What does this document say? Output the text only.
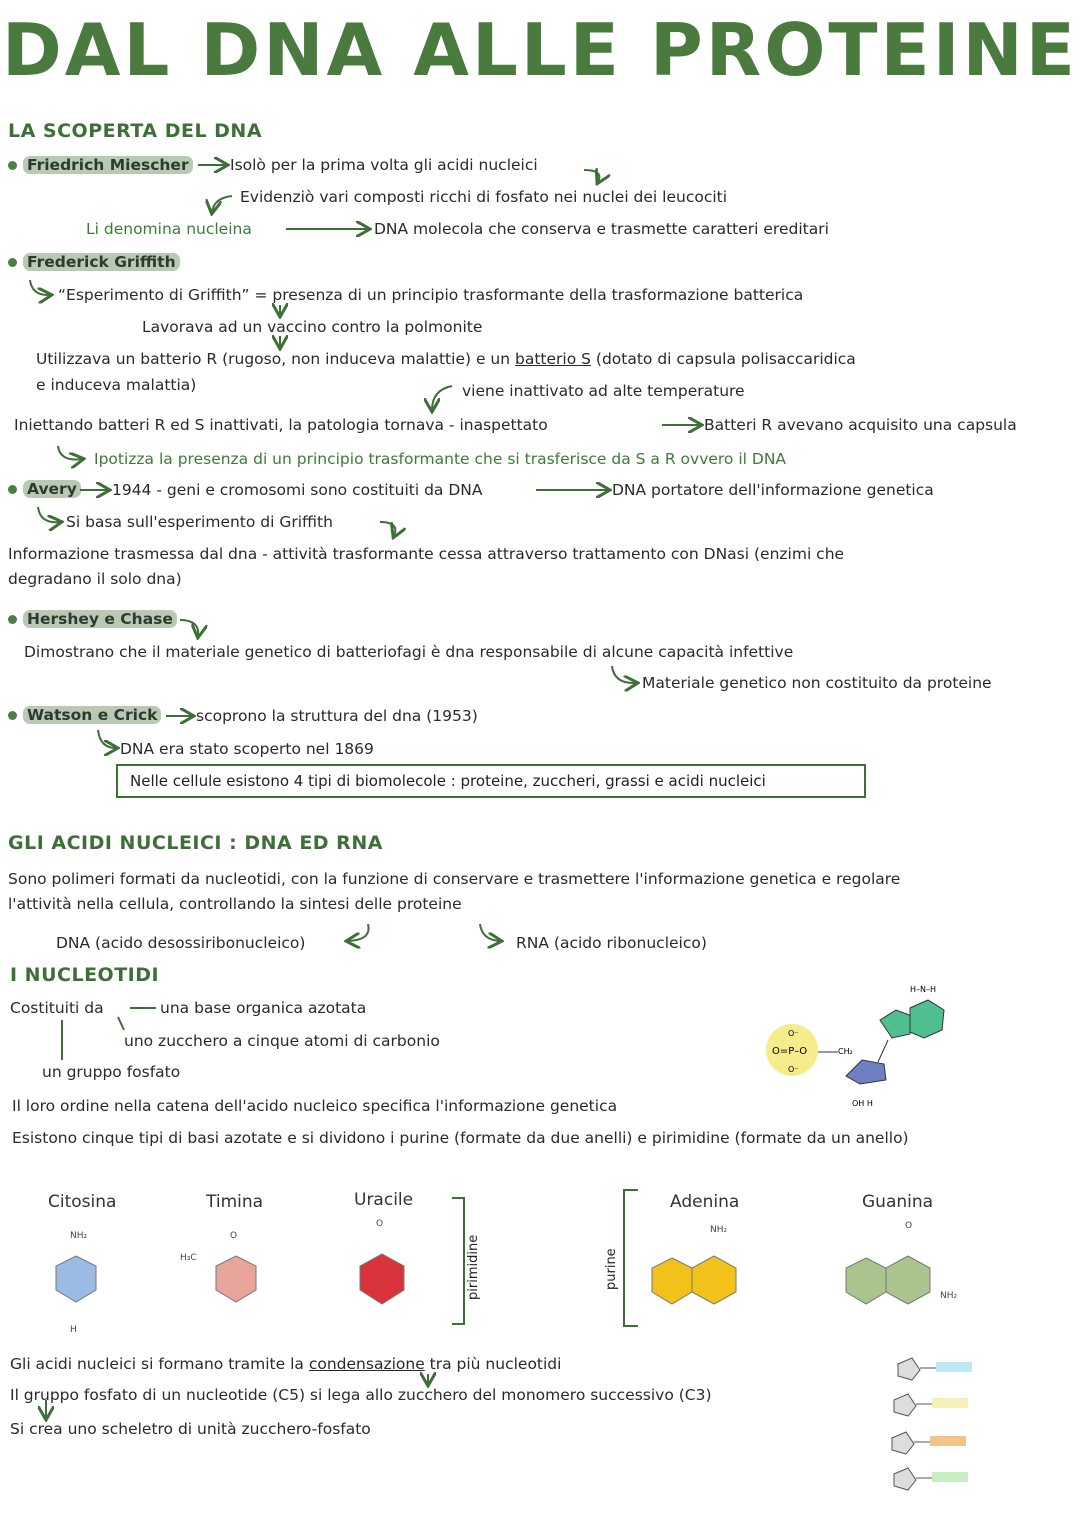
DAL DNA ALLE PROTEINE
LA SCOPERTA DEL DNA
Friedrich Miescher	Isolò per la prima volta gli acidi nucleici
Evidenziò vari composti ricchi di fosfato nei nuclei dei leucociti
Li denomina nucleina	DNA molecola che conserva e trasmette caratteri ereditari
Frederick Griffith
“Esperimento di Griffith” = presenza di un principio trasformante della trasformazione batterica
Lavorava ad un vaccino contro la polmonite
Utilizzava un batterio R (rugoso, non induceva malattie) e un batterio S (dotato di capsula polisaccaridica
e induceva malattia)	viene inattivato ad alte temperature
Iniettando batteri R ed S inattivati, la patologia tornava - inaspettato	Batteri R avevano acquisito una capsula
Ipotizza la presenza di un principio trasformante che si trasferisce da S a R ovvero il DNA
Avery 1944 - geni e cromosomi sono costituiti da DNA	DNA portatore dell'informazione genetica
Si basa sull'esperimento di Griffith
Informazione trasmessa dal dna - attività trasformante cessa attraverso trattamento con DNasi (enzimi che
degradano il solo dna)
Hershey e Chase
Dimostrano che il materiale genetico di batteriofagi è dna responsabile di alcune capacità infettive
Materiale genetico non costituito da proteine
Watson e Crick scoprono la struttura del dna (1953)
DNA era stato scoperto nel 1869
Nelle cellule esistono 4 tipi di biomolecole : proteine, zuccheri, grassi e acidi nucleici
GLI ACIDI NUCLEICI : DNA ED RNA
Sono polimeri formati da nucleotidi, con la funzione di conservare e trasmettere l'informazione genetica e regolare
l'attività nella cellula, controllando la sintesi delle proteine
DNA (acido desossiribonucleico)	RNA (acido ribonucleico)
I NUCLEOTIDI
Costituiti da	una base organica azotata
uno zucchero a cinque atomi di carbonio
un gruppo fosfato
Il loro ordine nella catena dell'acido nucleico specifica l'informazione genetica
Esistono cinque tipi di basi azotate e si dividono i purine (formate da due anelli) e pirimidine (formate da un anello)
Citosina	Timina	Uracile	Adenina	Guanina
pirimidine	purine
Gli acidi nucleici si formano tramite la condensazione tra più nucleotidi
Il gruppo fosfato di un nucleotide (C5) si lega allo zucchero del monomero successivo (C3)
Si crea uno scheletro di unità zucchero-fosfato
O=P–O
O⁻
O⁻
CH₂
H–N–H
OH H
NH₂
H
O
H₃C
O
NH₂	O
NH₂
